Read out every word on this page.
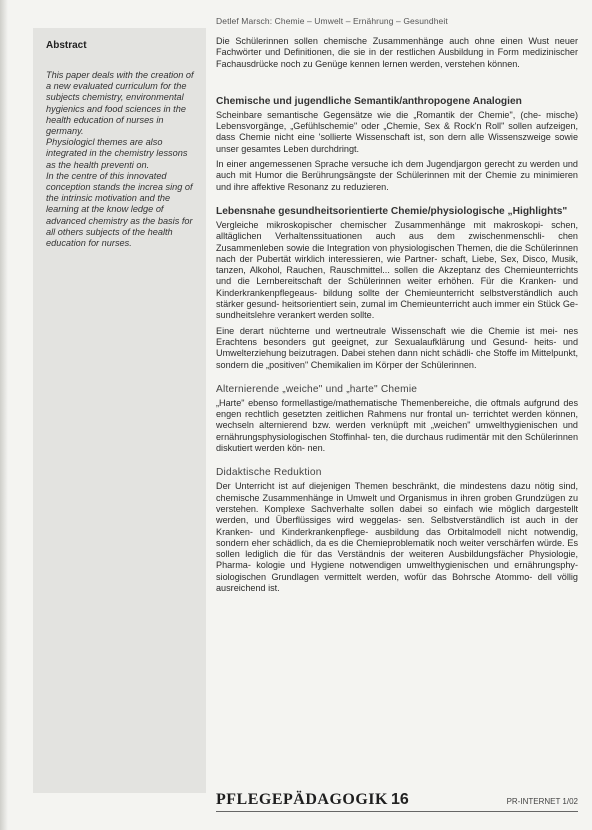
Detlef Marsch: Chemie – Umwelt – Ernährung – Gesundheit
Abstract

This paper deals with the creation of a new evaluated curriculum for the subjects chemistry, environmental hygienics and food sciences in the health education of nurses in germany.

Physiologicl themes are also integrated in the chemistry lessons as the health preventi on.

In the centre of this innovated conception stands the increa sing of the intrinsic motivation and the learning at the know ledge of advanced chemistry as the basis for all others subjects of the health education for nurses.

Die Schülerinnen sollen chemische Zusammenhänge auch ohne einen Wust neuer Fachwörter und Definitionen, die sie in der restlichen Ausbildung in Form medizinischer Fachausdrücke noch zu Genüge kennen lernen werden, verstehen können.

Chemische und jugendliche Semantik/anthropogene Analogien

Scheinbare semantische Gegensätze wie die „Romantik der Chemie", (che- mische) Lebensvorgänge, „Gefühlschemie" oder „Chemie, Sex & Rock'n Roll" sollen aufzeigen, dass Chemie nicht eine 'sollierte Wissenschaft ist, son dern alle Wissenszweige sowie unser gesamtes Leben durchdringt.

In einer angemessenen Sprache versuche ich dem Jugendjargon gerecht zu werden und auch mit Humor die Berührungsängste der Schülerinnen mit der Chemie zu minimieren und ihre affektive Resonanz zu reduzieren.

Lebensnahe gesundheitsorientierte Chemie/physiologische „Highlights"

Vergleiche mikroskopischer chemischer Zusammenhänge mit makroskopi- schen, alltäglichen Verhaltenssituationen auch aus dem zwischenmenschli- chen Zusammenleben sowie die Integration von physiologischen Themen, die die Schülerinnen nach der Pubertät wirklich interessieren, wie Partner- schaft, Liebe, Sex, Disco, Musik, tanzen, Alkohol, Rauchen, Rauschmittel... sollen die Akzeptanz des Chemieunterrichts und die Lernbereitschaft der Schülerinnen weiter erhöhen. Für die Kranken- und Kinderkrankenpflegeaus- bildung sollte der Chemieunterricht selbstverständlich auch stärker gesund- heitsorientiert sein, zumal im Chemieunterricht auch immer ein Stück Ge- sundheitslehre verankert werden sollte.

Eine derart nüchterne und wertneutrale Wissenschaft wie die Chemie ist mei- nes Erachtens besonders gut geeignet, zur Sexualaufklärung und Gesund- heits- und Umwelterziehung beizutragen. Dabei stehen dann nicht schädli- che Stoffe im Mittelpunkt, sondern die „positiven" Chemikalien im Körper der Schülerinnen.

Alternierende „weiche" und „harte" Chemie

„Harte" ebenso formellastige/mathematische Themenbereiche, die oftmals aufgrund des engen rechtlich gesetzten zeitlichen Rahmens nur frontal un- terrichtet werden können, wechseln alternierend bzw. werden verknüpft mit „weichen" umwelthygienischen und ernährungsphysiologischen Stoffinhal- ten, die durchaus rudimentär mit den Schülerinnen diskutiert werden kön- nen.

Didaktische Reduktion

Der Unterricht ist auf diejenigen Themen beschränkt, die mindestens dazu nötig sind, chemische Zusammenhänge in Umwelt und Organismus in ihren groben Grundzügen zu verstehen. Komplexe Sachverhalte sollen dabei so einfach wie möglich dargestellt werden, und Überflüssiges wird weggelas- sen. Selbstverständlich ist auch in der Kranken- und Kinderkrankenpflege- ausbildung das Orbitalmodell nicht notwendig, sondern eher schädlich, da es die Chemieproblematik noch weiter verschärfen würde. Es sollen lediglich die für das Verständnis der weiteren Ausbildungsfächer Physiologie, Pharma- kologie und Hygiene notwendigen umwelthygienischen und ernährungsphy- siologischen Grundlagen vermittelt werden, wofür das Bohrsche Atommo- dell völlig ausreichend ist.

PFLEGEPÄDAGOGIK 16	PR-INTERNET 1/02
